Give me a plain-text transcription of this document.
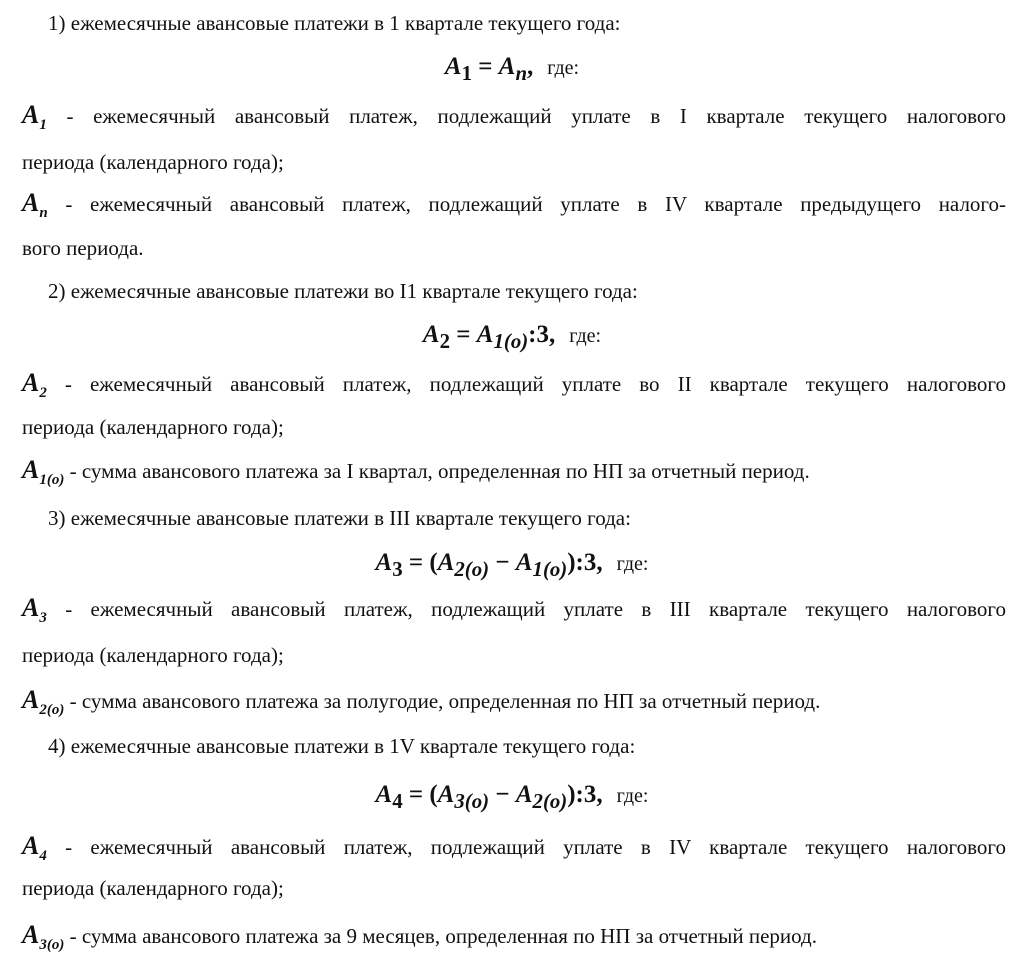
1) ежемесячные авансовые платежи в 1 квартале текущего года:
$A_1 = A_n$, где:
$A_1$ - ежемесячный авансовый платеж, подлежащий уплате в I квартале текущего налогового
периода (календарного года);
$A_n$ - ежемесячный авансовый платеж, подлежащий уплате в IV квартале предыдущего налого-
вого периода.
2) ежемесячные авансовые платежи во I1 квартале текущего года:
$A_2$ = $A_{1(o)}:3$, где:
$A_2$ - ежемесячный авансовый платеж, подлежащий уплате во II квартале текущего налогового
периода (календарного года);
$A_{1(o)}$ - сумма авансового платежа за I квартал, определенная по НП за отчетный период.
3) ежемесячные авансовые платежи в III квартале текущего года:
$A_3 = (A_{2(o)}$ − $A_{1(o)}):3$, где:
$A_3$ - ежемесячный авансовый платеж, подлежащий уплате в III квартале текущего налогового
периода (календарного года);
$A_{2(o)}$ - сумма авансового платежа за полугодие, определенная по НП за отчетный период.
4) ежемесячные авансовые платежи в 1V квартале текущего года:
$A_4 = (A_{3(o)}$ − $A_{2(o)}):3$, где:
$A_4$ - ежемесячный авансовый платеж, подлежащий уплате в IV квартале текущего налогового
периода (календарного года);
$A_{3(o)}$ - сумма авансового платежа за 9 месяцев, определенная по НП за отчетный период.
